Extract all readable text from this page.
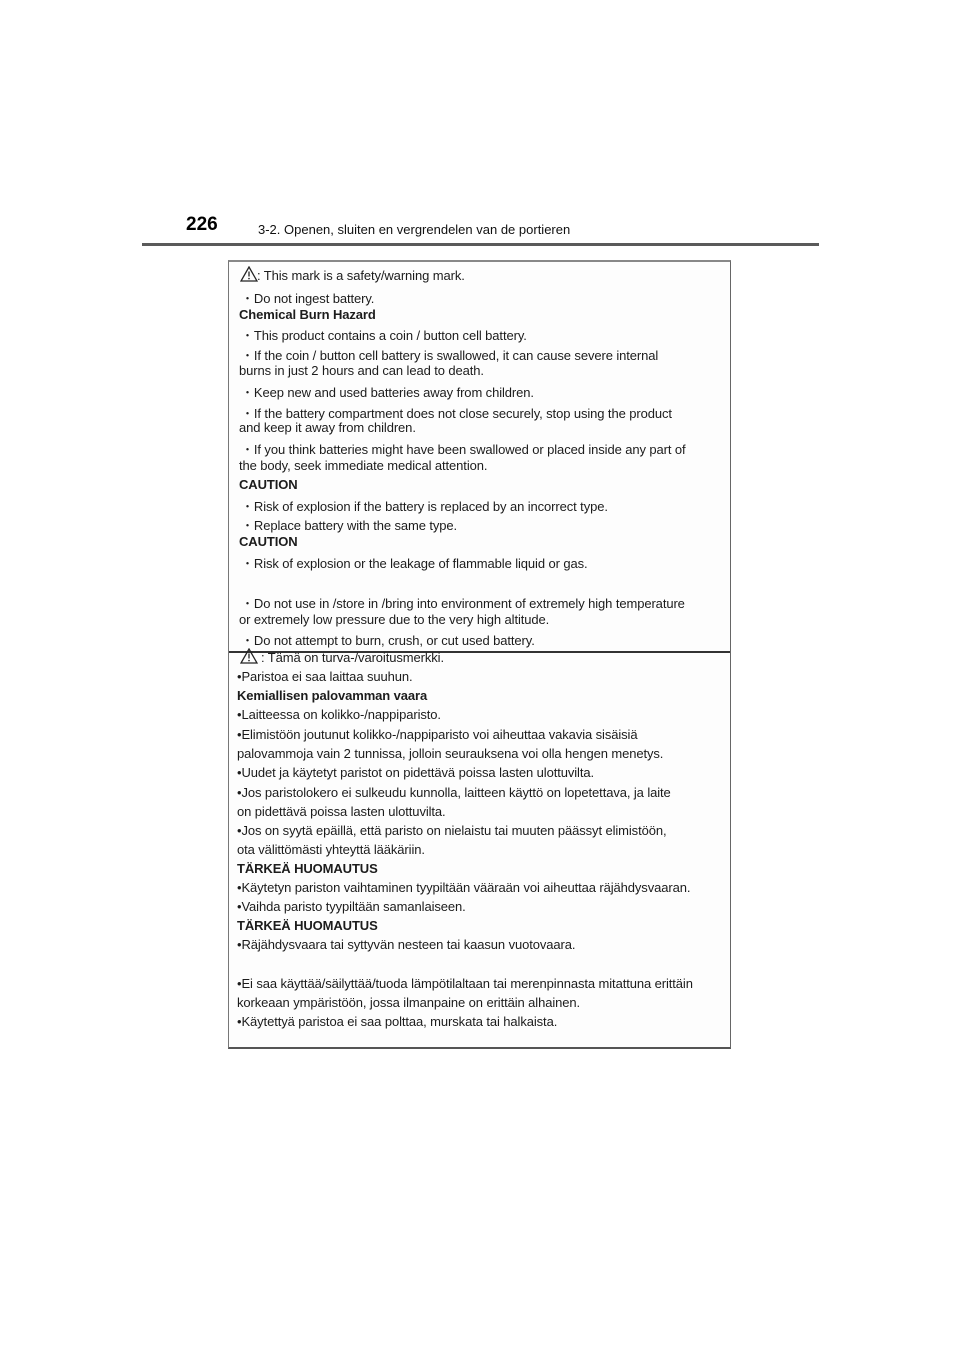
226	3-2. Openen, sluiten en vergrendelen van de portieren
: This mark is a safety/warning mark.
・Do not ingest battery.
Chemical Burn Hazard
・This product contains a coin / button cell battery.
・If the coin / button cell battery is swallowed, it can cause severe internal
burns in just 2 hours and can lead to death.
・Keep new and used batteries away from children.
・If the battery compartment does not close securely, stop using the product
and keep it away from children.
・If you think batteries might have been swallowed or placed inside any part of
the body, seek immediate medical attention.
CAUTION
・Risk of explosion if the battery is replaced by an incorrect type.
・Replace battery with the same type.
CAUTION
・Risk of explosion or the leakage of flammable liquid or gas.
・Do not use in /store in /bring into environment of extremely high temperature
or extremely low pressure due to the very high altitude.
・Do not attempt to burn, crush, or cut used battery.
: Tämä on turva-/varoitusmerkki.
•Paristoa ei saa laittaa suuhun.
Kemiallisen palovamman vaara
•Laitteessa on kolikko-/nappiparisto.
•Elimistöön joutunut kolikko-/nappiparisto voi aiheuttaa vakavia sisäisiä
palovammoja vain 2 tunnissa, jolloin seurauksena voi olla hengen menetys.
•Uudet ja käytetyt paristot on pidettävä poissa lasten ulottuvilta.
•Jos paristolokero ei sulkeudu kunnolla, laitteen käyttö on lopetettava, ja laite
on pidettävä poissa lasten ulottuvilta.
•Jos on syytä epäillä, että paristo on nielaistu tai muuten päässyt elimistöön,
ota välittömästi yhteyttä lääkäriin.
TÄRKEÄ HUOMAUTUS
•Käytetyn pariston vaihtaminen tyypiltään vääraän voi aiheuttaa räjähdysvaaran.
•Vaihda paristo tyypiltään samanlaiseen.
TÄRKEÄ HUOMAUTUS
•Räjähdysvaara tai syttyvän nesteen tai kaasun vuotovaara.
•Ei saa käyttää/säilyttää/tuoda lämpötilaltaan tai merenpinnasta mitattuna erittäin
korkeaan ympäristöön, jossa ilmanpaine on erittäin alhainen.
•Käytettyä paristoa ei saa polttaa, murskata tai halkaista.
